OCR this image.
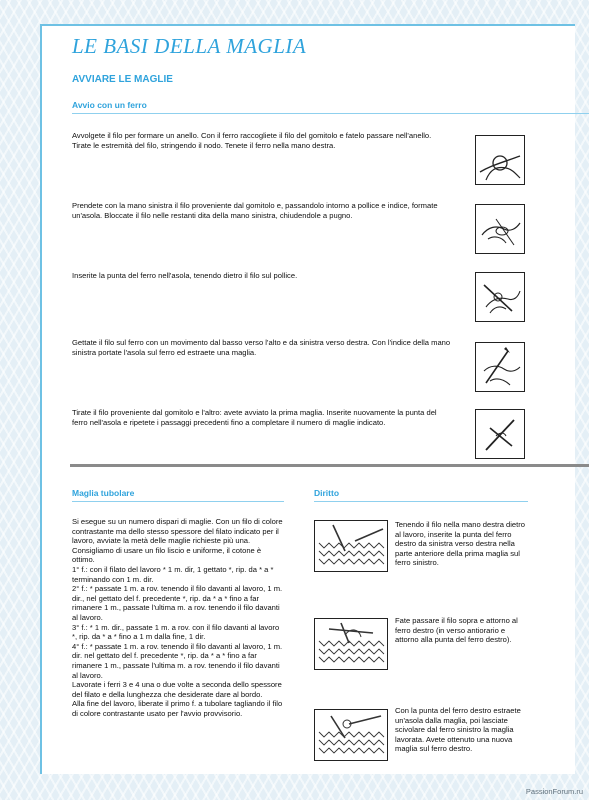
LE BASI DELLA MAGLIA
AVVIARE LE MAGLIE
Avvio con un ferro
Avvolgete il filo per formare un anello. Con il ferro raccogliete il filo del gomitolo e fatelo passare nell'anello. Tirate le estremità del filo, stringendo il nodo. Tenete il ferro nella mano destra.
Prendete con la mano sinistra il filo proveniente dal gomitolo e, passandolo intorno a pollice e indice, formate un'asola. Bloccate il filo nelle restanti dita della mano sinistra, chiudendole a pugno.
Inserite la punta del ferro nell'asola, tenendo dietro il filo sul pollice.
Gettate il filo sul ferro con un movimento dal basso verso l'alto e da sinistra verso destra. Con l'indice della mano sinistra portate l'asola sul ferro ed estraete una maglia.
Tirate il filo proveniente dal gomitolo e l'altro: avete avviato la prima maglia. Inserite nuovamente la punta del ferro nell'asola e ripetete i passaggi precedenti fino a completare il numero di maglie indicato.
Maglia tubolare	Diritto

Si esegue su un numero dispari di maglie. Con un filo di colore contrastante ma dello stesso spessore del filato indicato per il lavoro, avviate la metà delle maglie richieste più una. Consigliamo di usare un filo liscio e uniforme, il cotone è ottimo.

1° f.: con il filato del lavoro * 1 m. dir, 1 gettato *, rip. da * a * terminando con 1 m. dir.

2° f.: * passate 1 m. a rov. tenendo il filo davanti al lavoro, 1 m. dir., nel gettato del f. precedente *, rip. da * a * fino a far rimanere 1 m., passate l'ultima m. a rov. tenendo il filo davanti al lavoro.

3° f.: * 1 m. dir., passate 1 m. a rov. con il filo davanti al lavoro *, rip. da * a * fino a 1 m dalla fine, 1 dir.

4° f.: * passate 1 m. a rov. tenendo il filo davanti al lavoro, 1 m. dir. nel gettato del f. precedente *, rip. da * a * fino a far rimanere 1 m., passate l'ultima m. a rov. tenendo il filo davanti al lavoro.

Lavorate i ferri 3 e 4 una o due volte a seconda dello spessore del filato e della lunghezza che desiderate dare al bordo.

Alla fine del lavoro, liberate il primo f. a tubolare tagliando il filo di colore contrastante usato per l'avvio provvisorio.

Tenendo il filo nella mano destra dietro al lavoro, inserite la punta del ferro destro da sinistra verso destra nella parte anteriore della prima maglia sul ferro sinistro.
Fate passare il filo sopra e attorno al ferro destro (in verso antiorario e attorno alla punta del ferro destro).
Con la punta del ferro destro estraete un'asola dalla maglia, poi lasciate scivolare dal ferro sinistro la maglia lavorata. Avete ottenuto una nuova maglia sul ferro destro.
PassionForum.ru
